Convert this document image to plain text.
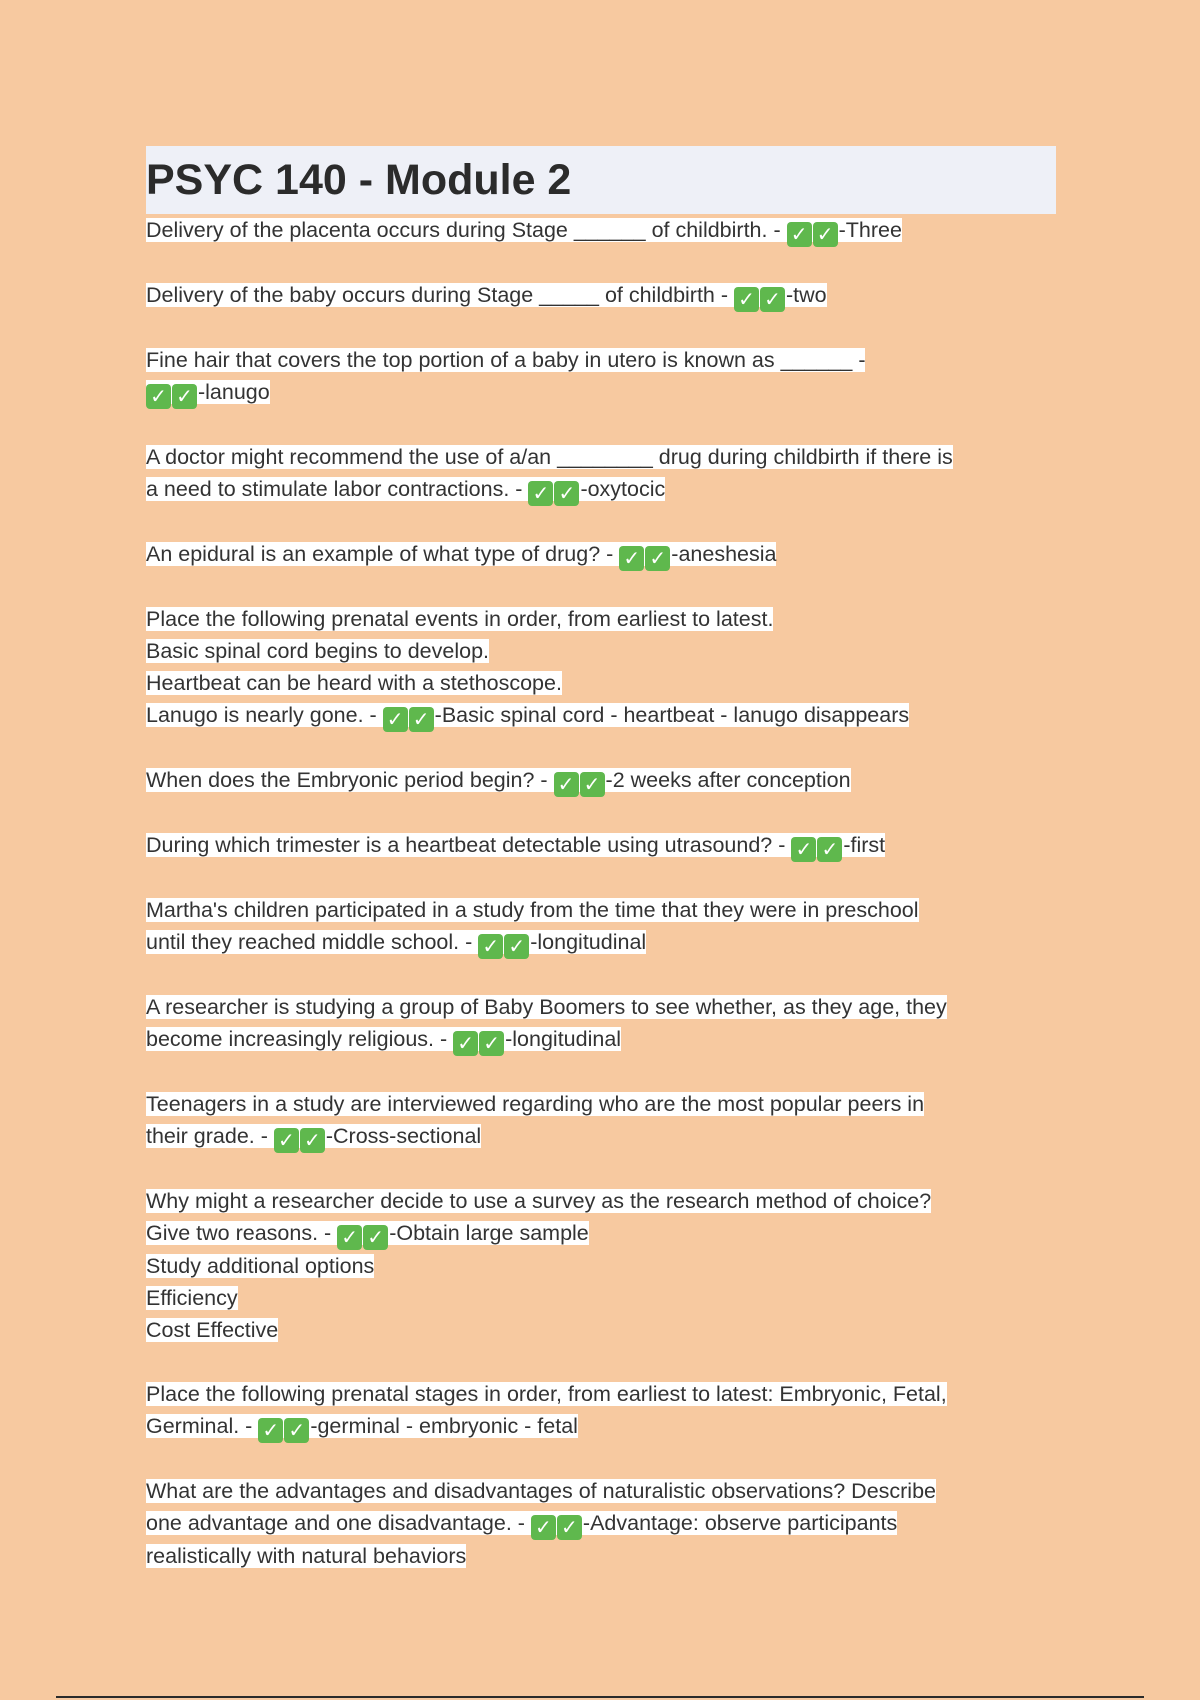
PSYC 140 - Module 2
Delivery of the placenta occurs during Stage ______ of childbirth. - ✓ ✓ -Three
Delivery of the baby occurs during Stage _____ of childbirth - ✓ ✓ -two
Fine hair that covers the top portion of a baby in utero is known as ______ -
✓ ✓ -lanugo
A doctor might recommend the use of a/an ________ drug during childbirth if there is
a need to stimulate labor contractions. - ✓ ✓ -oxytocic
An epidural is an example of what type of drug? - ✓ ✓ -aneshesia
Place the following prenatal events in order, from earliest to latest.
Basic spinal cord begins to develop.
Heartbeat can be heard with a stethoscope.
Lanugo is nearly gone. - ✓ ✓ -Basic spinal cord - heartbeat - lanugo disappears
When does the Embryonic period begin? - ✓ ✓ -2 weeks after conception
During which trimester is a heartbeat detectable using utrasound? - ✓ ✓ -first
Martha's children participated in a study from the time that they were in preschool
until they reached middle school. - ✓ ✓ -longitudinal
A researcher is studying a group of Baby Boomers to see whether, as they age, they
become increasingly religious. - ✓ ✓ -longitudinal
Teenagers in a study are interviewed regarding who are the most popular peers in
their grade. - ✓ ✓ -Cross-sectional
Why might a researcher decide to use a survey as the research method of choice?
Give two reasons. - ✓ ✓ -Obtain large sample
Study additional options
Efficiency
Cost Effective
Place the following prenatal stages in order, from earliest to latest: Embryonic, Fetal,
Germinal. - ✓ ✓ -germinal - embryonic - fetal
What are the advantages and disadvantages of naturalistic observations? Describe
one advantage and one disadvantage. - ✓ ✓ -Advantage: observe participants
realistically with natural behaviors
